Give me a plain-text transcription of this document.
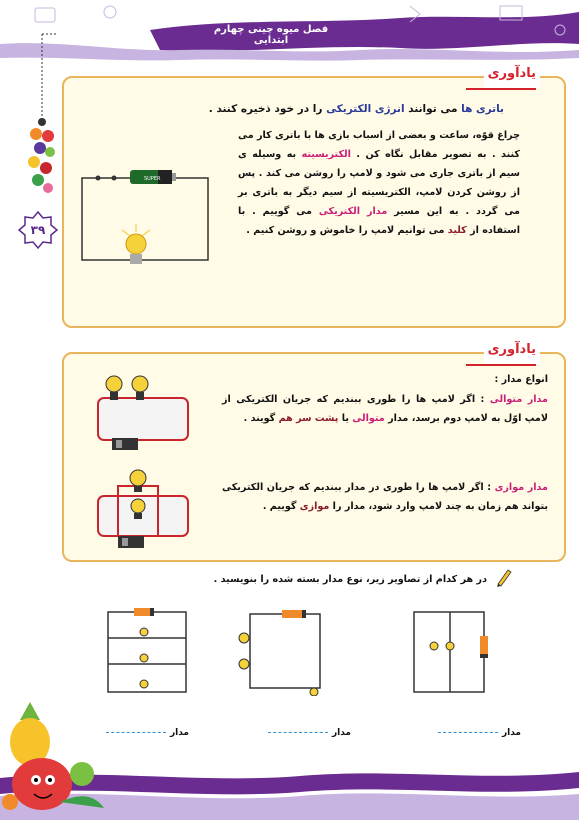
فصل میوه چینی چهارم ابتدایی
۳۹
یادآوری
باتری ها می توانند انرژی الکتریکی را در خود ذخیره کنند .
چراغ قوّه، ساعت و بعضی از اسباب بازی ها با باتری کار می کنند . به تصویر مقابل نگاه کن . الکتریسیته به وسیله ی سیم از باتری جاری می شود و لامپ را روشن می کند . پس از روشن کردن لامپ، الکتریسیته از سیم دیگر به باتری بر می گردد . به این مسیر مدار الکتریکی می گوییم . با استفاده از کلید می توانیم لامپ را خاموش و روشن کنیم .
SUPER
یادآوری
انواع مدار :
مدار متوالی : اگر لامپ ها را طوری ببندیم که جریان الکتریکی از لامپ اوّل به لامپ دوم برسد، مدار متوالی یا پشت سر هم گویند .
مدار موازی : اگر لامپ ها را طوری در مدار ببندیم که جریان الکتریکی بتواند هم زمان به چند لامپ وارد شود، مدار را موازی گوییم .
در هر کدام از تصاویر زیر، نوع مدار بسته شده را بنویسید .
مدار
مدار
مدار
